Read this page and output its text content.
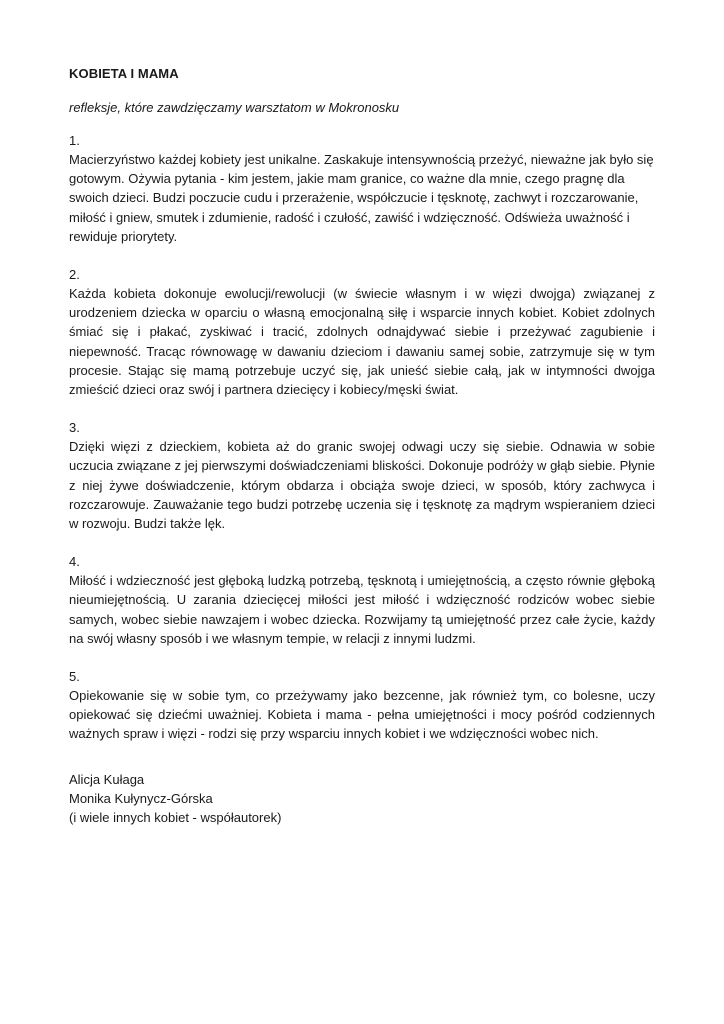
KOBIETA I MAMA

refleksje, które zawdzięczamy warsztatom w Mokronosku

1.

Macierzyństwo każdej kobiety jest unikalne. Zaskakuje intensywnością przeżyć, nieważne jak było się gotowym. Ożywia pytania - kim jestem, jakie mam granice, co ważne dla mnie, czego pragnę dla swoich dzieci. Budzi poczucie cudu i przerażenie, współczucie i tęsknotę, zachwyt i rozczarowanie, miłość i gniew, smutek i zdumienie, radość i czułość, zawiść i wdzięczność. Odświeża uważność i rewiduje priorytety.

2.

Każda kobieta dokonuje ewolucji/rewolucji (w świecie własnym i w więzi dwojga) związanej z urodzeniem dziecka w oparciu o własną emocjonalną siłę i wsparcie innych kobiet. Kobiet zdolnych śmiać się i płakać, zyskiwać i tracić, zdolnych odnajdywać siebie i przeżywać zagubienie i niepewność. Tracąc równowagę w dawaniu dzieciom i dawaniu samej sobie, zatrzymuje się w tym procesie. Stając się mamą potrzebuje uczyć się, jak unieść siebie całą, jak w intymności dwojga zmieścić dzieci oraz swój i partnera dziecięcy i kobiecy/męski świat.

3.

Dzięki więzi z dzieckiem, kobieta aż do granic swojej odwagi uczy się siebie. Odnawia w sobie uczucia związane z jej pierwszymi doświadczeniami bliskości. Dokonuje podróży w głąb siebie. Płynie z niej żywe doświadczenie, którym obdarza i obciąża swoje dzieci, w sposób, który zachwyca i rozczarowuje. Zauważanie tego budzi potrzebę uczenia się i tęsknotę za mądrym wspieraniem dzieci w rozwoju. Budzi także lęk.

4.

Miłość i wdzieczność jest głęboką ludzką potrzebą, tęsknotą i umiejętnością, a często równie głęboką nieumiejętnością. U zarania dziecięcej miłości jest miłość i wdzięczność rodziców wobec siebie samych, wobec siebie nawzajem i wobec dziecka. Rozwijamy tą umiejętność przez całe życie, każdy na swój własny sposób i we własnym tempie, w relacji z innymi ludzmi.

5.

Opiekowanie się w sobie tym, co przeżywamy jako bezcenne, jak również tym, co bolesne, uczy opiekować się dziećmi uważniej. Kobieta i mama - pełna umiejętności i mocy pośród codziennych ważnych spraw i więzi - rodzi się przy wsparciu innych kobiet i we wdzięczności wobec nich.

Alicja Kułaga

Monika Kułynycz-Górska

(i wiele innych kobiet - współautorek)
